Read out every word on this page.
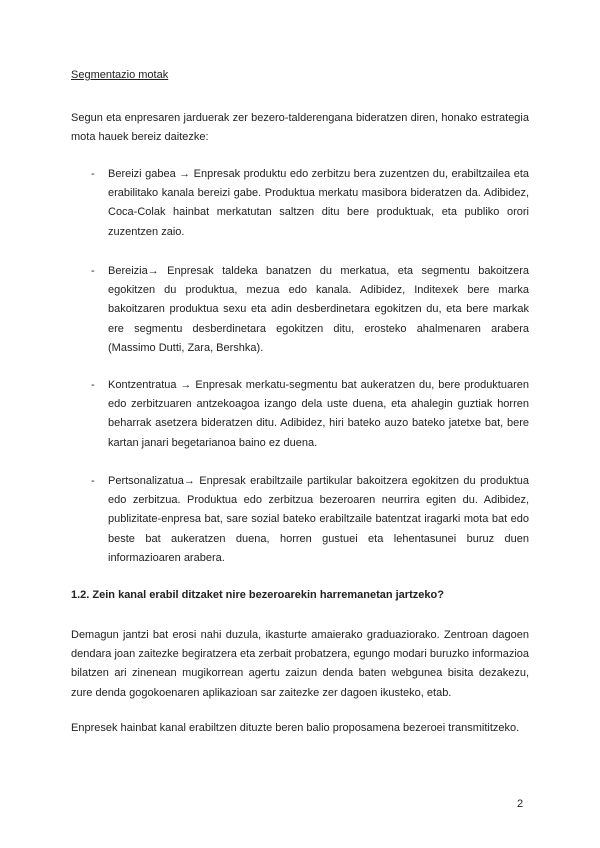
Segmentazio motak
Segun eta enpresaren jarduerak zer bezero-talderengana bideratzen diren, honako estrategia mota hauek bereiz daitezke:
- Bereizi gabea → Enpresak produktu edo zerbitzu bera zuzentzen du, erabiltzailea eta erabilitako kanala bereizi gabe. Produktua merkatu masibora bideratzen da. Adibidez, Coca-Colak hainbat merkatutan saltzen ditu bere produktuak, eta publiko orori zuzentzen zaio.
- Bereizia→ Enpresak taldeka banatzen du merkatua, eta segmentu bakoitzera egokitzen du produktua, mezua edo kanala. Adibidez, Inditexek bere marka bakoitzaren produktua sexu eta adin desberdinetara egokitzen du, eta bere markak ere segmentu desberdinetara egokitzen ditu, erosteko ahalmenaren arabera (Massimo Dutti, Zara, Bershka).
- Kontzentratua → Enpresak merkatu-segmentu bat aukeratzen du, bere produktuaren edo zerbitzuaren antzekoagoa izango dela uste duena, eta ahalegin guztiak horren beharrak asetzera bideratzen ditu. Adibidez, hiri bateko auzo bateko jatetxe bat, bere kartan janari begetarianoa baino ez duena.
- Pertsonalizatua→ Enpresak erabiltzaile partikular bakoitzera egokitzen du produktua edo zerbitzua. Produktua edo zerbitzua bezeroaren neurrira egiten du. Adibidez, publizitate-enpresa bat, sare sozial bateko erabiltzaile batentzat iragarki mota bat edo beste bat aukeratzen duena, horren gustuei eta lehentasunei buruz duen informazioaren arabera.
1.2. Zein kanal erabil ditzaket nire bezeroarekin harremanetan jartzeko?
Demagun jantzi bat erosi nahi duzula, ikasturte amaierako graduaziorako. Zentroan dagoen dendara joan zaitezke begiratzera eta zerbait probatzera, egungo modari buruzko informazioa bilatzen ari zinenean mugikorrean agertu zaizun denda baten webgunea bisita dezakezu, zure denda gogokoenaren aplikazioan sar zaitezke zer dagoen ikusteko, etab.
Enpresek hainbat kanal erabiltzen dituzte beren balio proposamena bezeroei transmititzeko.
2
